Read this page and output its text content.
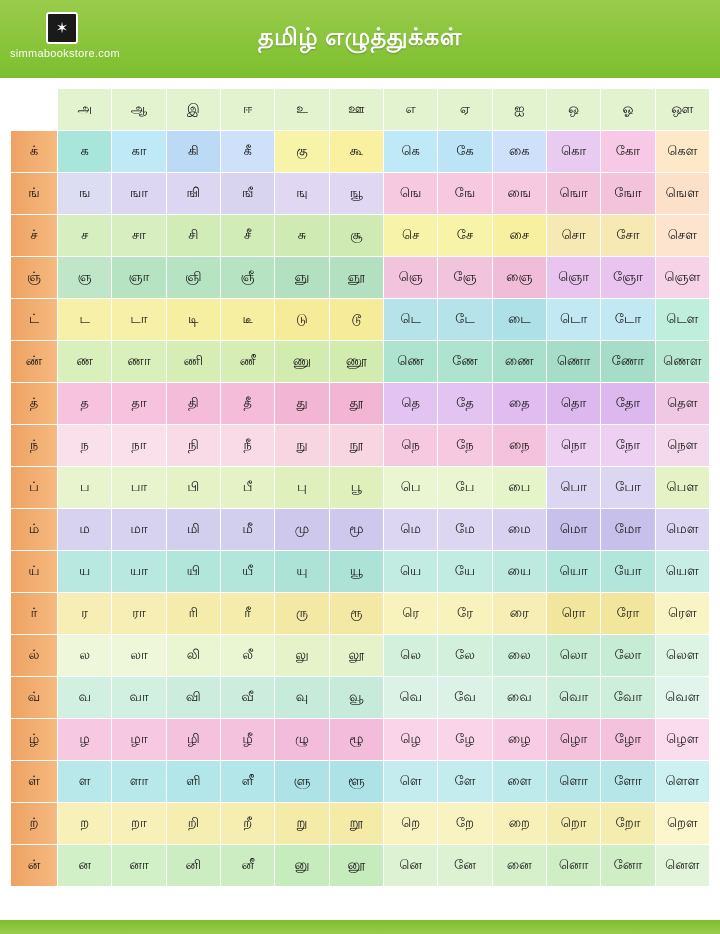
✶
simmabookstore.com
தமிழ் எழுத்துக்கள்
	அ	ஆ	இ	ஈ	உ	ஊ	எ	ஏ	ஐ	ஒ	ஓ	ஔ
க்	க	கா	கி	கீ	கு	கூ	கெ	கே	கை	கொ	கோ	கௌ
ங்	ங	ஙா	ஙி	ஙீ	ஙு	ஙூ	ஙெ	ஙே	ஙை	ஙொ	ஙோ	ஙௌ
ச்	ச	சா	சி	சீ	சு	சூ	செ	சே	சை	சொ	சோ	சௌ
ஞ்	ஞ	ஞா	ஞி	ஞீ	ஞு	ஞூ	ஞெ	ஞே	ஞை	ஞொ	ஞோ	ஞௌ
ட்	ட	டா	டி	டீ	டு	டூ	டெ	டே	டை	டொ	டோ	டௌ
ண்	ண	ணா	ணி	ணீ	ணு	ணூ	ணெ	ணே	ணை	ணொ	ணோ	ணௌ
த்	த	தா	தி	தீ	து	தூ	தெ	தே	தை	தொ	தோ	தௌ
ந்	ந	நா	நி	நீ	நு	நூ	நெ	நே	நை	நொ	நோ	நௌ
ப்	ப	பா	பி	பீ	பு	பூ	பெ	பே	பை	பொ	போ	பௌ
ம்	ம	மா	மி	மீ	மு	மூ	மெ	மே	மை	மொ	மோ	மௌ
ய்	ய	யா	யி	யீ	யு	யூ	யெ	யே	யை	யொ	யோ	யௌ
ர்	ர	ரா	ரி	ரீ	ரு	ரூ	ரெ	ரே	ரை	ரொ	ரோ	ரௌ
ல்	ல	லா	லி	லீ	லு	லூ	லெ	லே	லை	லொ	லோ	லௌ
வ்	வ	வா	வி	வீ	வு	வூ	வெ	வே	வை	வொ	வோ	வௌ
ழ்	ழ	ழா	ழி	ழீ	ழு	ழூ	ழெ	ழே	ழை	ழொ	ழோ	ழௌ
ள்	ள	ளா	ளி	ளீ	ளு	ளூ	ளெ	ளே	ளை	ளொ	ளோ	ளௌ
ற்	ற	றா	றி	றீ	று	றூ	றெ	றே	றை	றொ	றோ	றௌ
ன்	ன	னா	னி	னீ	னு	னூ	னெ	னே	னை	னொ	னோ	னௌ
